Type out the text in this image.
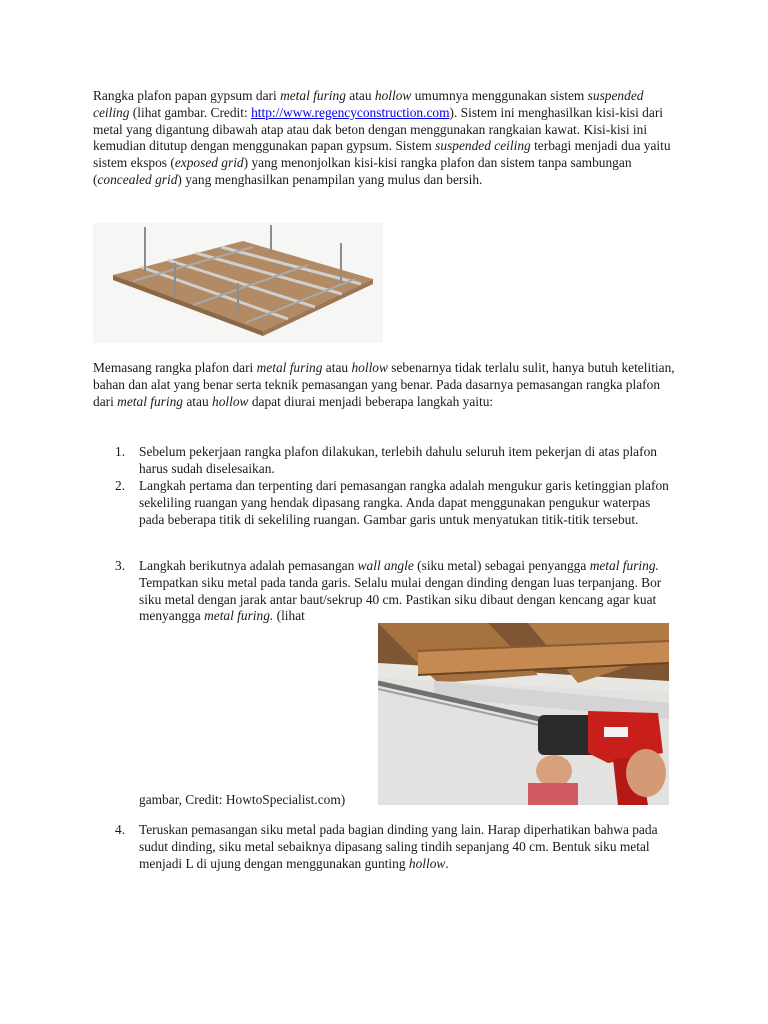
Rangka plafon papan gypsum dari metal furing atau hollow umumnya menggunakan sistem suspended ceiling (lihat gambar. Credit: http://www.regencyconstruction.com). Sistem ini menghasilkan kisi-kisi dari metal yang digantung dibawah atap atau dak beton dengan menggunakan rangkaian kawat. Kisi-kisi ini kemudian ditutup dengan menggunakan papan gypsum. Sistem suspended ceiling terbagi menjadi dua yaitu sistem ekspos (exposed grid) yang menonjolkan kisi-kisi rangka plafon dan sistem tanpa sambungan (concealed grid) yang menghasilkan penampilan yang mulus dan bersih.

Memasang rangka plafon dari metal furing atau hollow sebenarnya tidak terlalu sulit, hanya butuh ketelitian, bahan dan alat yang benar serta teknik pemasangan yang benar. Pada dasarnya pemasangan rangka plafon dari metal furing atau hollow dapat diurai menjadi beberapa langkah yaitu:

1.	Sebelum pekerjaan rangka plafon dilakukan, terlebih dahulu seluruh item pekerjan di atas plafon harus sudah diselesaikan.
2.	Langkah pertama dan terpenting dari pemasangan rangka adalah mengukur garis ketinggian plafon sekeliling ruangan yang hendak dipasang rangka. Anda dapat menggunakan pengukur waterpas pada beberapa titik di sekeliling ruangan. Gambar garis untuk menyatukan titik-titik tersebut.
3.	Langkah berikutnya adalah pemasangan wall angle (siku metal) sebagai penyangga metal furing. Tempatkan siku metal pada tanda garis. Selalu mulai dengan dinding dengan luas terpanjang. Bor siku metal dengan jarak antar baut/sekrup 40 cm. Pastikan siku dibaut dengan kencang agar kuat menyangga metal furing. (lihat
4.	Teruskan pemasangan siku metal pada bagian dinding yang lain. Harap diperhatikan bahwa pada sudut dinding, siku metal sebaiknya dipasang saling tindih sepanjang 40 cm. Bentuk siku metal menjadi L di ujung dengan menggunakan gunting hollow.
gambar, Credit: HowtoSpecialist.com)
